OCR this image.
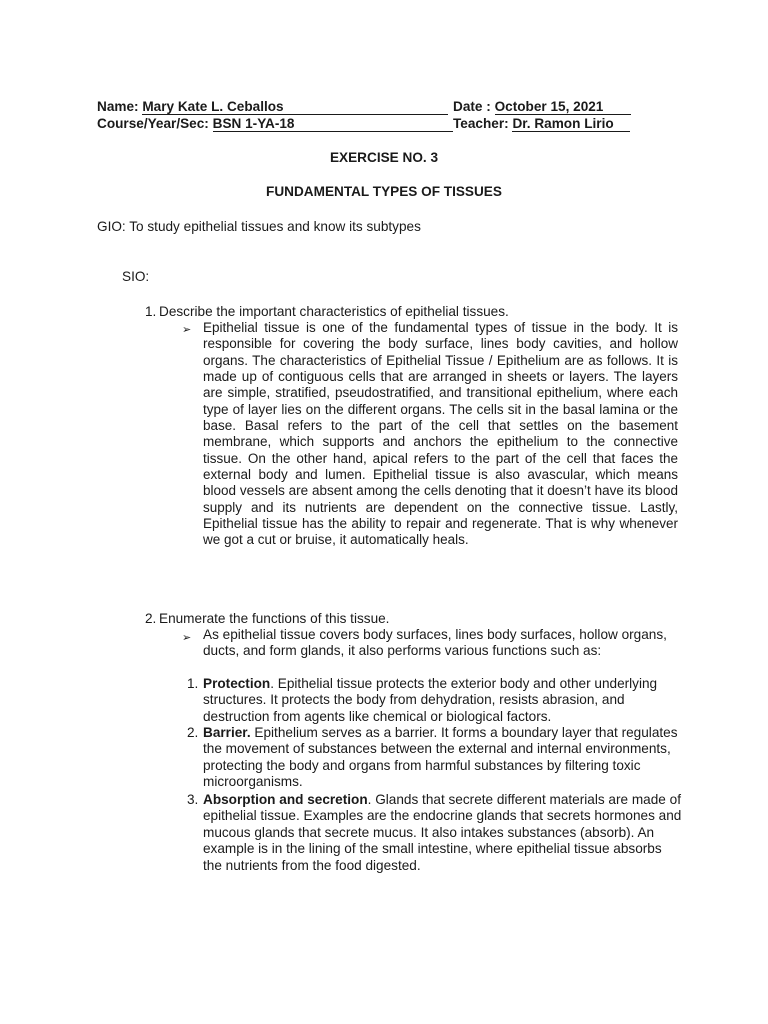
Name: Mary Kate L. Ceballos	Date : October 15, 2021
Course/Year/Sec: BSN 1-YA-18	Teacher: Dr. Ramon Lirio
EXERCISE NO. 3
FUNDAMENTAL TYPES OF TISSUES
GIO: To study epithelial tissues and know its subtypes
SIO:
1. Describe the important characteristics of epithelial tissues.
➢ Epithelial tissue is one of the fundamental types of tissue in the body. It is responsible for covering the body surface, lines body cavities, and hollow organs. The characteristics of Epithelial Tissue / Epithelium are as follows. It is made up of contiguous cells that are arranged in sheets or layers. The layers are simple, stratified, pseudostratified, and transitional epithelium, where each type of layer lies on the different organs. The cells sit in the basal lamina or the base. Basal refers to the part of the cell that settles on the basement membrane, which supports and anchors the epithelium to the connective tissue. On the other hand, apical refers to the part of the cell that faces the external body and lumen. Epithelial tissue is also avascular, which means blood vessels are absent among the cells denoting that it doesn’t have its blood supply and its nutrients are dependent on the connective tissue. Lastly, Epithelial tissue has the ability to repair and regenerate. That is why whenever we got a cut or bruise, it automatically heals.
2. Enumerate the functions of this tissue.
➢ As epithelial tissue covers body surfaces, lines body surfaces, hollow organs, ducts, and form glands, it also performs various functions such as:
1. Protection. Epithelial tissue protects the exterior body and other underlying structures. It protects the body from dehydration, resists abrasion, and destruction from agents like chemical or biological factors.
2. Barrier. Epithelium serves as a barrier. It forms a boundary layer that regulates the movement of substances between the external and internal environments, protecting the body and organs from harmful substances by filtering toxic microorganisms.
3. Absorption and secretion. Glands that secrete different materials are made of epithelial tissue. Examples are the endocrine glands that secrets hormones and mucous glands that secrete mucus. It also intakes substances (absorb). An example is in the lining of the small intestine, where epithelial tissue absorbs the nutrients from the food digested.
